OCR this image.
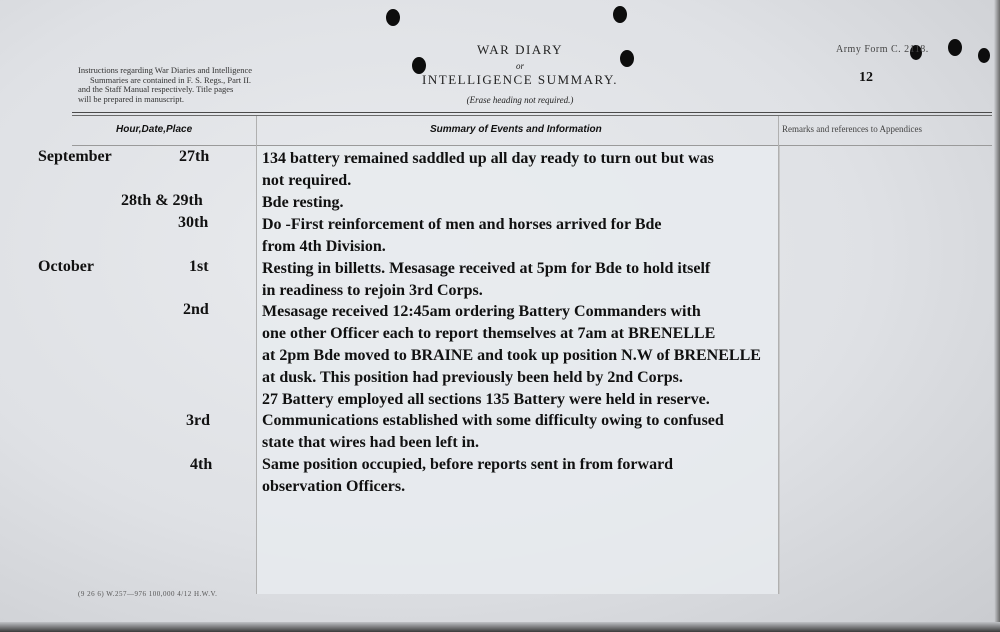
Instructions regarding War Diaries and Intelligence
Summaries are contained in F. S. Regs., Part II.
and the Staff Manual respectively. Title pages
will be prepared in manuscript.
WAR DIARY
or
INTELLIGENCE SUMMARY.
(Erase heading not required.)
Army Form C. 2118.
12
Hour,Date,Place	Summary of Events and Information	Remarks and references to Appendices
September	27th	134 battery remained saddled up all day ready to turn out but was
not required.
28th & 29th	Bde resting.
30th	Do -First reinforcement of men and horses arrived for Bde
from 4th Division.
October	1st	Resting in billetts. Mesasage received at 5pm for Bde to hold itself
in readiness to rejoin 3rd Corps.
2nd	Mesasage received 12:45am ordering Battery Commanders with
one other Officer each to report themselves at 7am at BRENELLE
at 2pm Bde moved to BRAINE and took up position N.W of BRENELLE
at dusk. This position had previously been held by 2nd Corps.
27 Battery employed all sections 135 Battery were held in reserve.
3rd	Communications established with some difficulty owing to confused
state that wires had been left in.
4th	Same position occupied, before reports sent in from forward
observation Officers.
(9 26 6) W.257—976 100,000 4/12 H.W.V.
